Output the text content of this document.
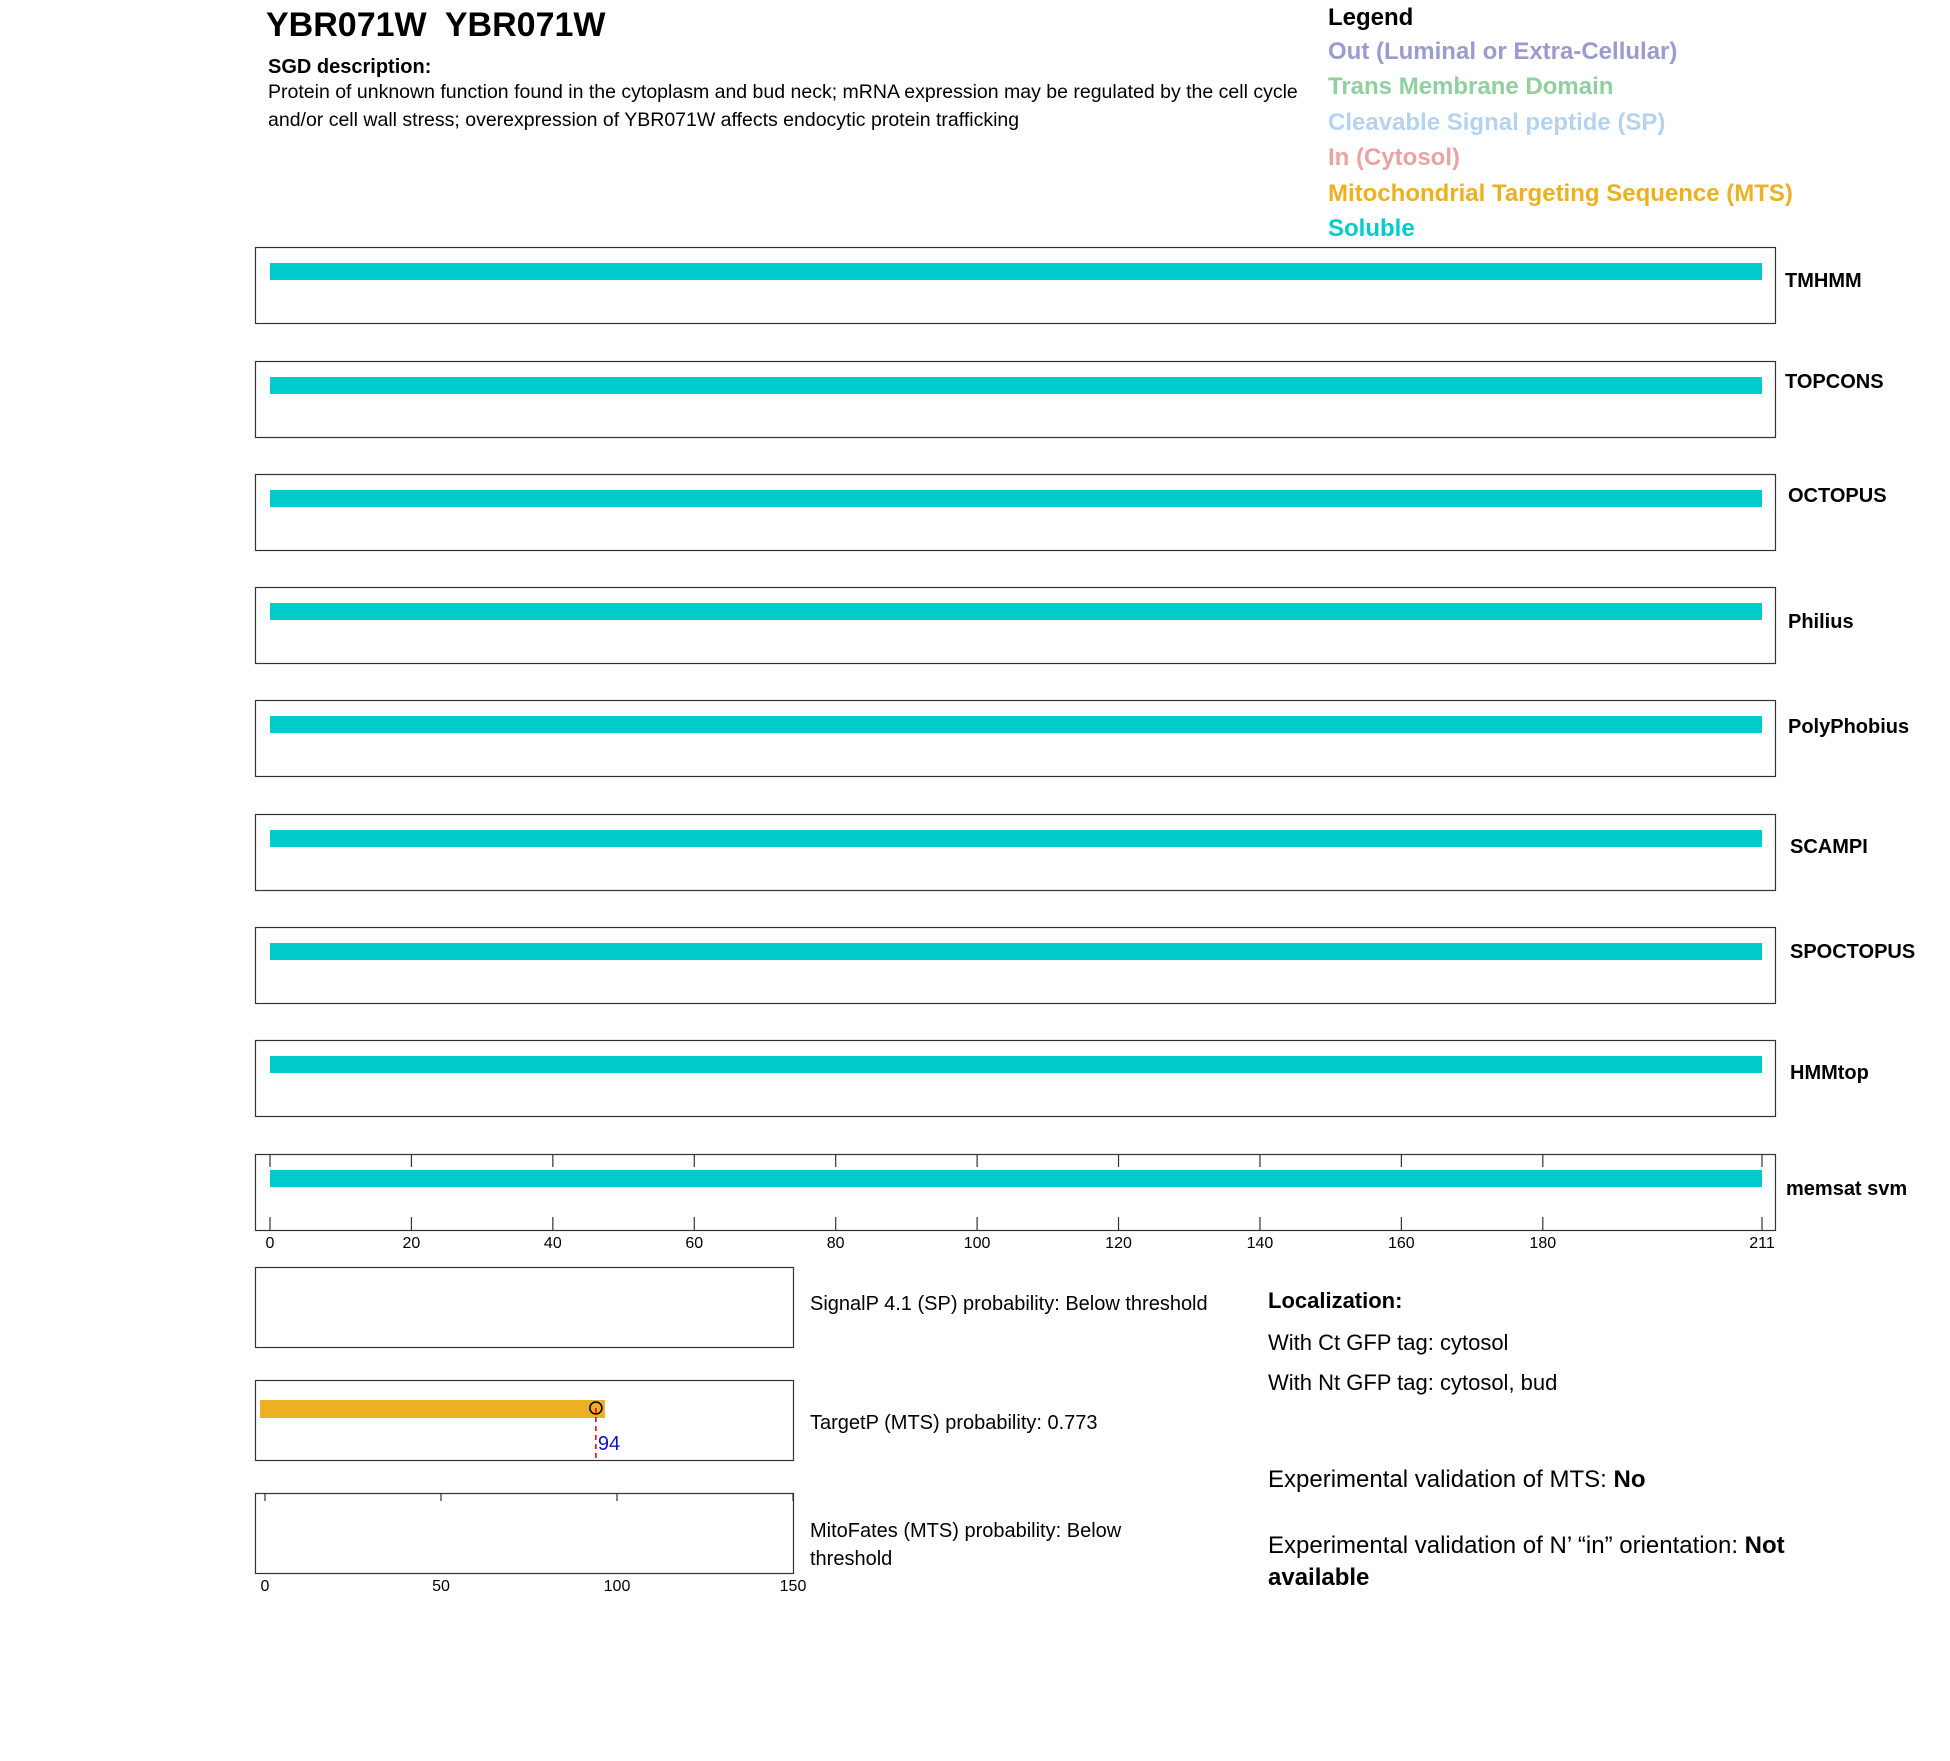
YBR071W  YBR071W
SGD description:
Protein of unknown function found in the cytoplasm and bud neck; mRNA expression may be regulated by the cell cycle and/or cell wall stress; overexpression of YBR071W affects endocytic protein trafficking
Legend
Out (Luminal or Extra-Cellular)
Trans Membrane Domain
Cleavable Signal peptide (SP)
In (Cytosol)
Mitochondrial Targeting Sequence (MTS)
Soluble
TMHMM
TOPCONS
OCTOPUS
Philius
PolyPhobius
SCAMPI
SPOCTOPUS
HMMtop
memsat svm
0	20	40	60	80	100	120	140	160	180	211
94
0	50	100	150
SignalP 4.1 (SP) probability: Below threshold
TargetP (MTS) probability: 0.773
MitoFates (MTS) probability: Below threshold
Localization:
With Ct GFP tag: cytosol
With Nt GFP tag: cytosol, bud
Experimental validation of MTS: No
Experimental validation of N’ “in” orientation: Not available
